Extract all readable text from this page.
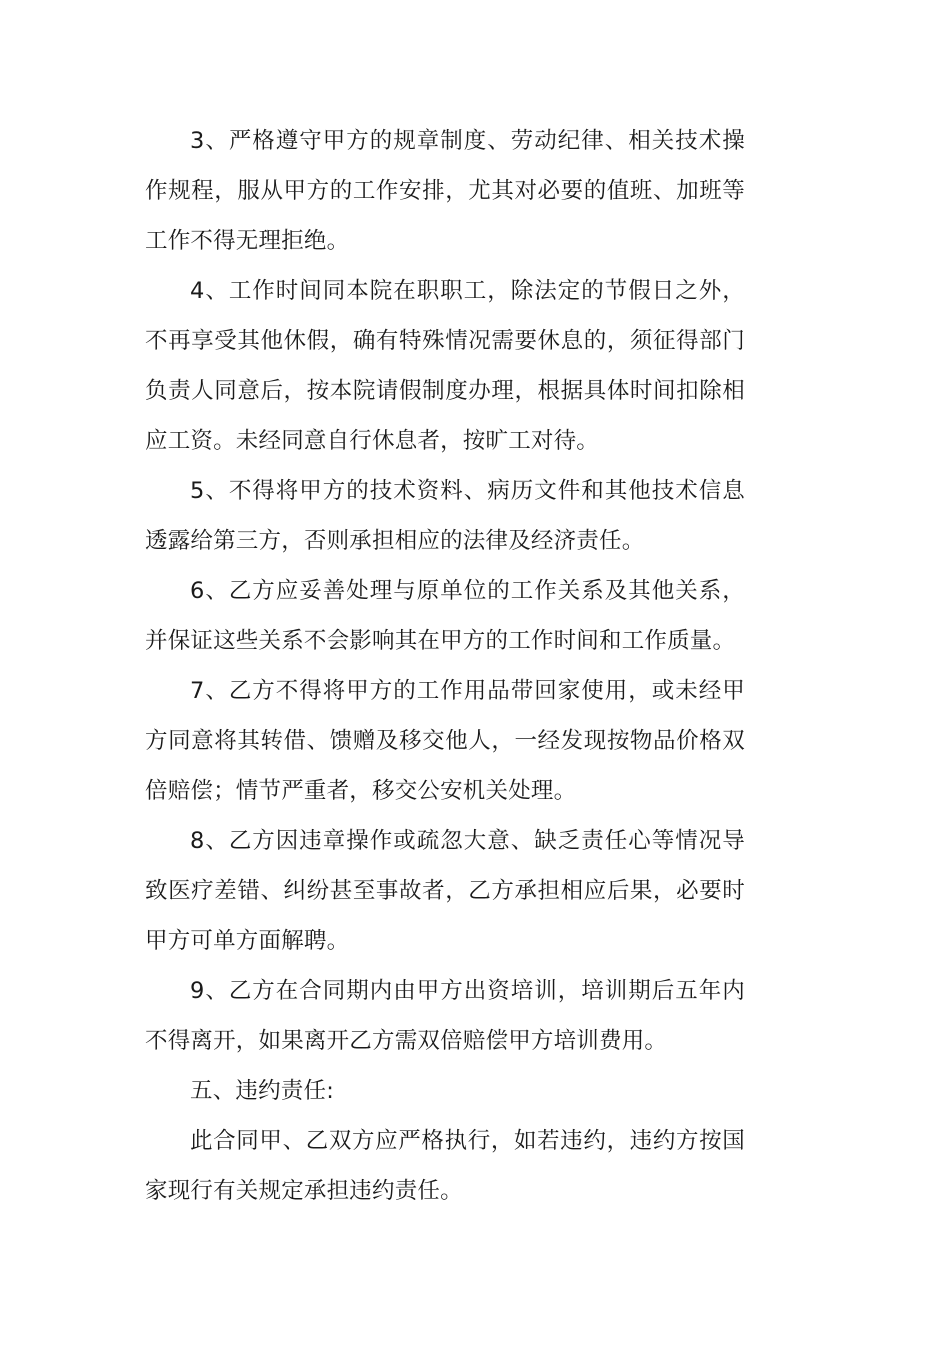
3、严格遵守甲方的规章制度、劳动纪律、相关技术操作规程，服从甲方的工作安排，尤其对必要的值班、加班等工作不得无理拒绝。

4、工作时间同本院在职职工，除法定的节假日之外，不再享受其他休假，确有特殊情况需要休息的，须征得部门负责人同意后，按本院请假制度办理，根据具体时间扣除相应工资。未经同意自行休息者，按旷工对待。

5、不得将甲方的技术资料、病历文件和其他技术信息透露给第三方，否则承担相应的法律及经济责任。

6、乙方应妥善处理与原单位的工作关系及其他关系，并保证这些关系不会影响其在甲方的工作时间和工作质量。

7、乙方不得将甲方的工作用品带回家使用，或未经甲方同意将其转借、馈赠及移交他人，一经发现按物品价格双倍赔偿；情节严重者，移交公安机关处理。

8、乙方因违章操作或疏忽大意、缺乏责任心等情况导致医疗差错、纠纷甚至事故者，乙方承担相应后果，必要时甲方可单方面解聘。

9、乙方在合同期内由甲方出资培训，培训期后五年内不得离开，如果离开乙方需双倍赔偿甲方培训费用。

五、违约责任:

此合同甲、乙双方应严格执行，如若违约，违约方按国家现行有关规定承担违约责任。
